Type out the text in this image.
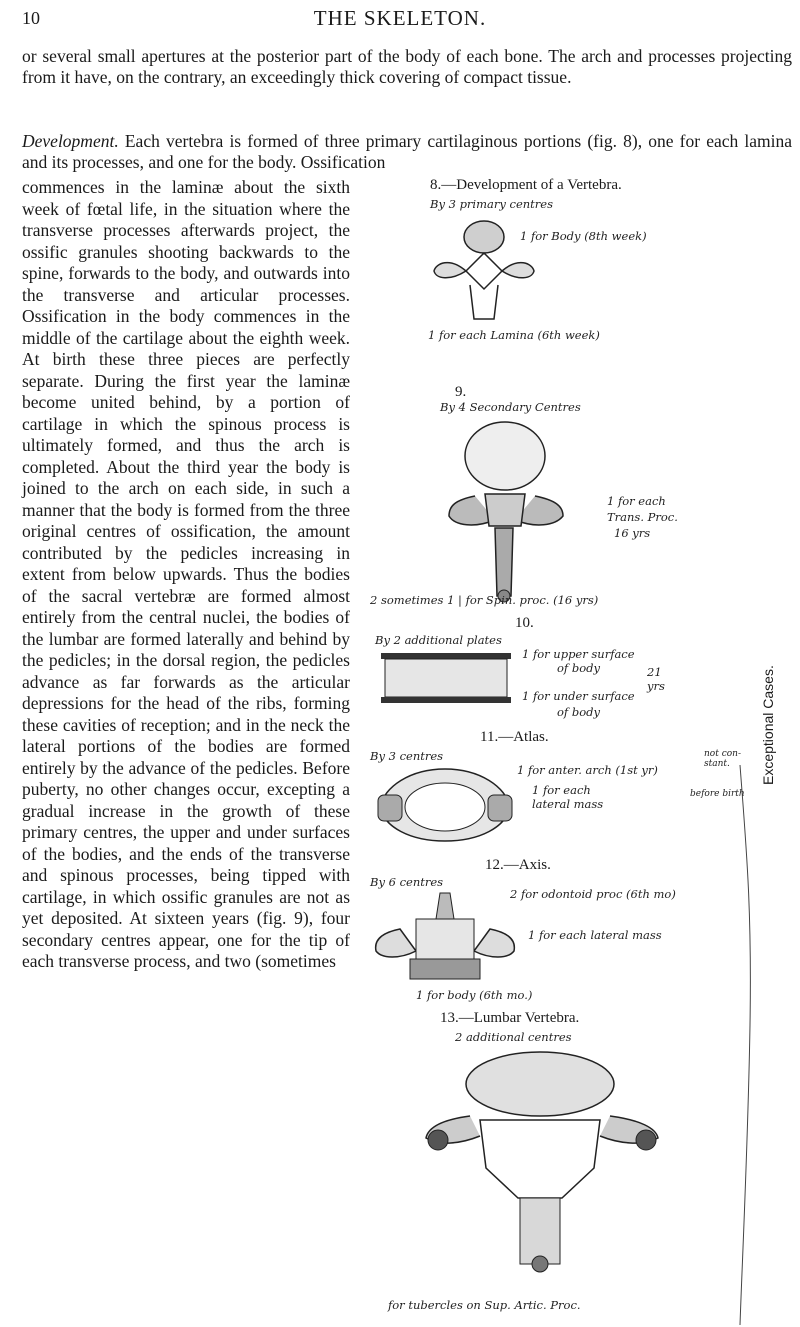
10	THE SKELETON.
or several small apertures at the posterior part of the body of each bone. The arch and processes projecting from it have, on the contrary, an exceedingly thick covering of compact tissue.
Development. Each vertebra is formed of three primary cartilaginous portions (fig. 8), one for each lamina and its processes, and one for the body. Ossification

commences in the laminæ about the sixth week of fœtal life, in the situation where the transverse processes afterwards project, the ossific granules shooting backwards to the spine, forwards to the body, and outwards into the transverse and articular processes. Ossification in the body commences in the middle of the cartilage about the eighth week. At birth these three pieces are perfectly separate. During the first year the laminæ become united behind, by a portion of cartilage in which the spinous process is ultimately formed, and thus the arch is completed. About the third year the body is joined to the arch on each side, in such a manner that the body is formed from the three original centres of ossification, the amount contributed by the pedicles increasing in extent from below upwards. Thus the bodies of the sacral vertebræ are formed almost entirely from the central nuclei, the bodies of the lumbar are formed laterally and behind by the pedicles; in the dorsal region, the pedicles advance as far forwards as the articular depressions for the head of the ribs, forming these cavities of reception; and in the neck the lateral portions of the bodies are formed entirely by the advance of the pedicles. Before puberty, no other changes occur, excepting a gradual increase in the growth of these primary centres, the upper and under surfaces of the bodies, and the ends of the transverse and spinous processes, being tipped with cartilage, in which ossific granules are not as yet deposited. At sixteen years (fig. 9), four secondary centres appear, one for the tip of each transverse process, and two (sometimes

8.—Development of a Vertebra.
By 3 primary centres
1 for Body (8th week)
1 for each Lamina (6th week)
9.
By 4 Secondary Centres
1 for each
Trans. Proc.
16 yrs
2 sometimes 1 | for Spin. proc. (16 yrs)
10.
By 2 additional plates
1 for upper surface
of body	21
yrs
1 for under surface
of body
11.—Atlas.
By 3 centres
1 for anter. arch (1st yr)
not con- stant.
1 for each
lateral mass
before birth
12.—Axis.
By 6 centres
2 for odontoid proc (6th mo)
1 for each lateral mass
1 for body (6th mo.)
13.—Lumbar Vertebra.
2 additional centres
for tubercles on Sup. Artic. Proc.
Exceptional Cases.
